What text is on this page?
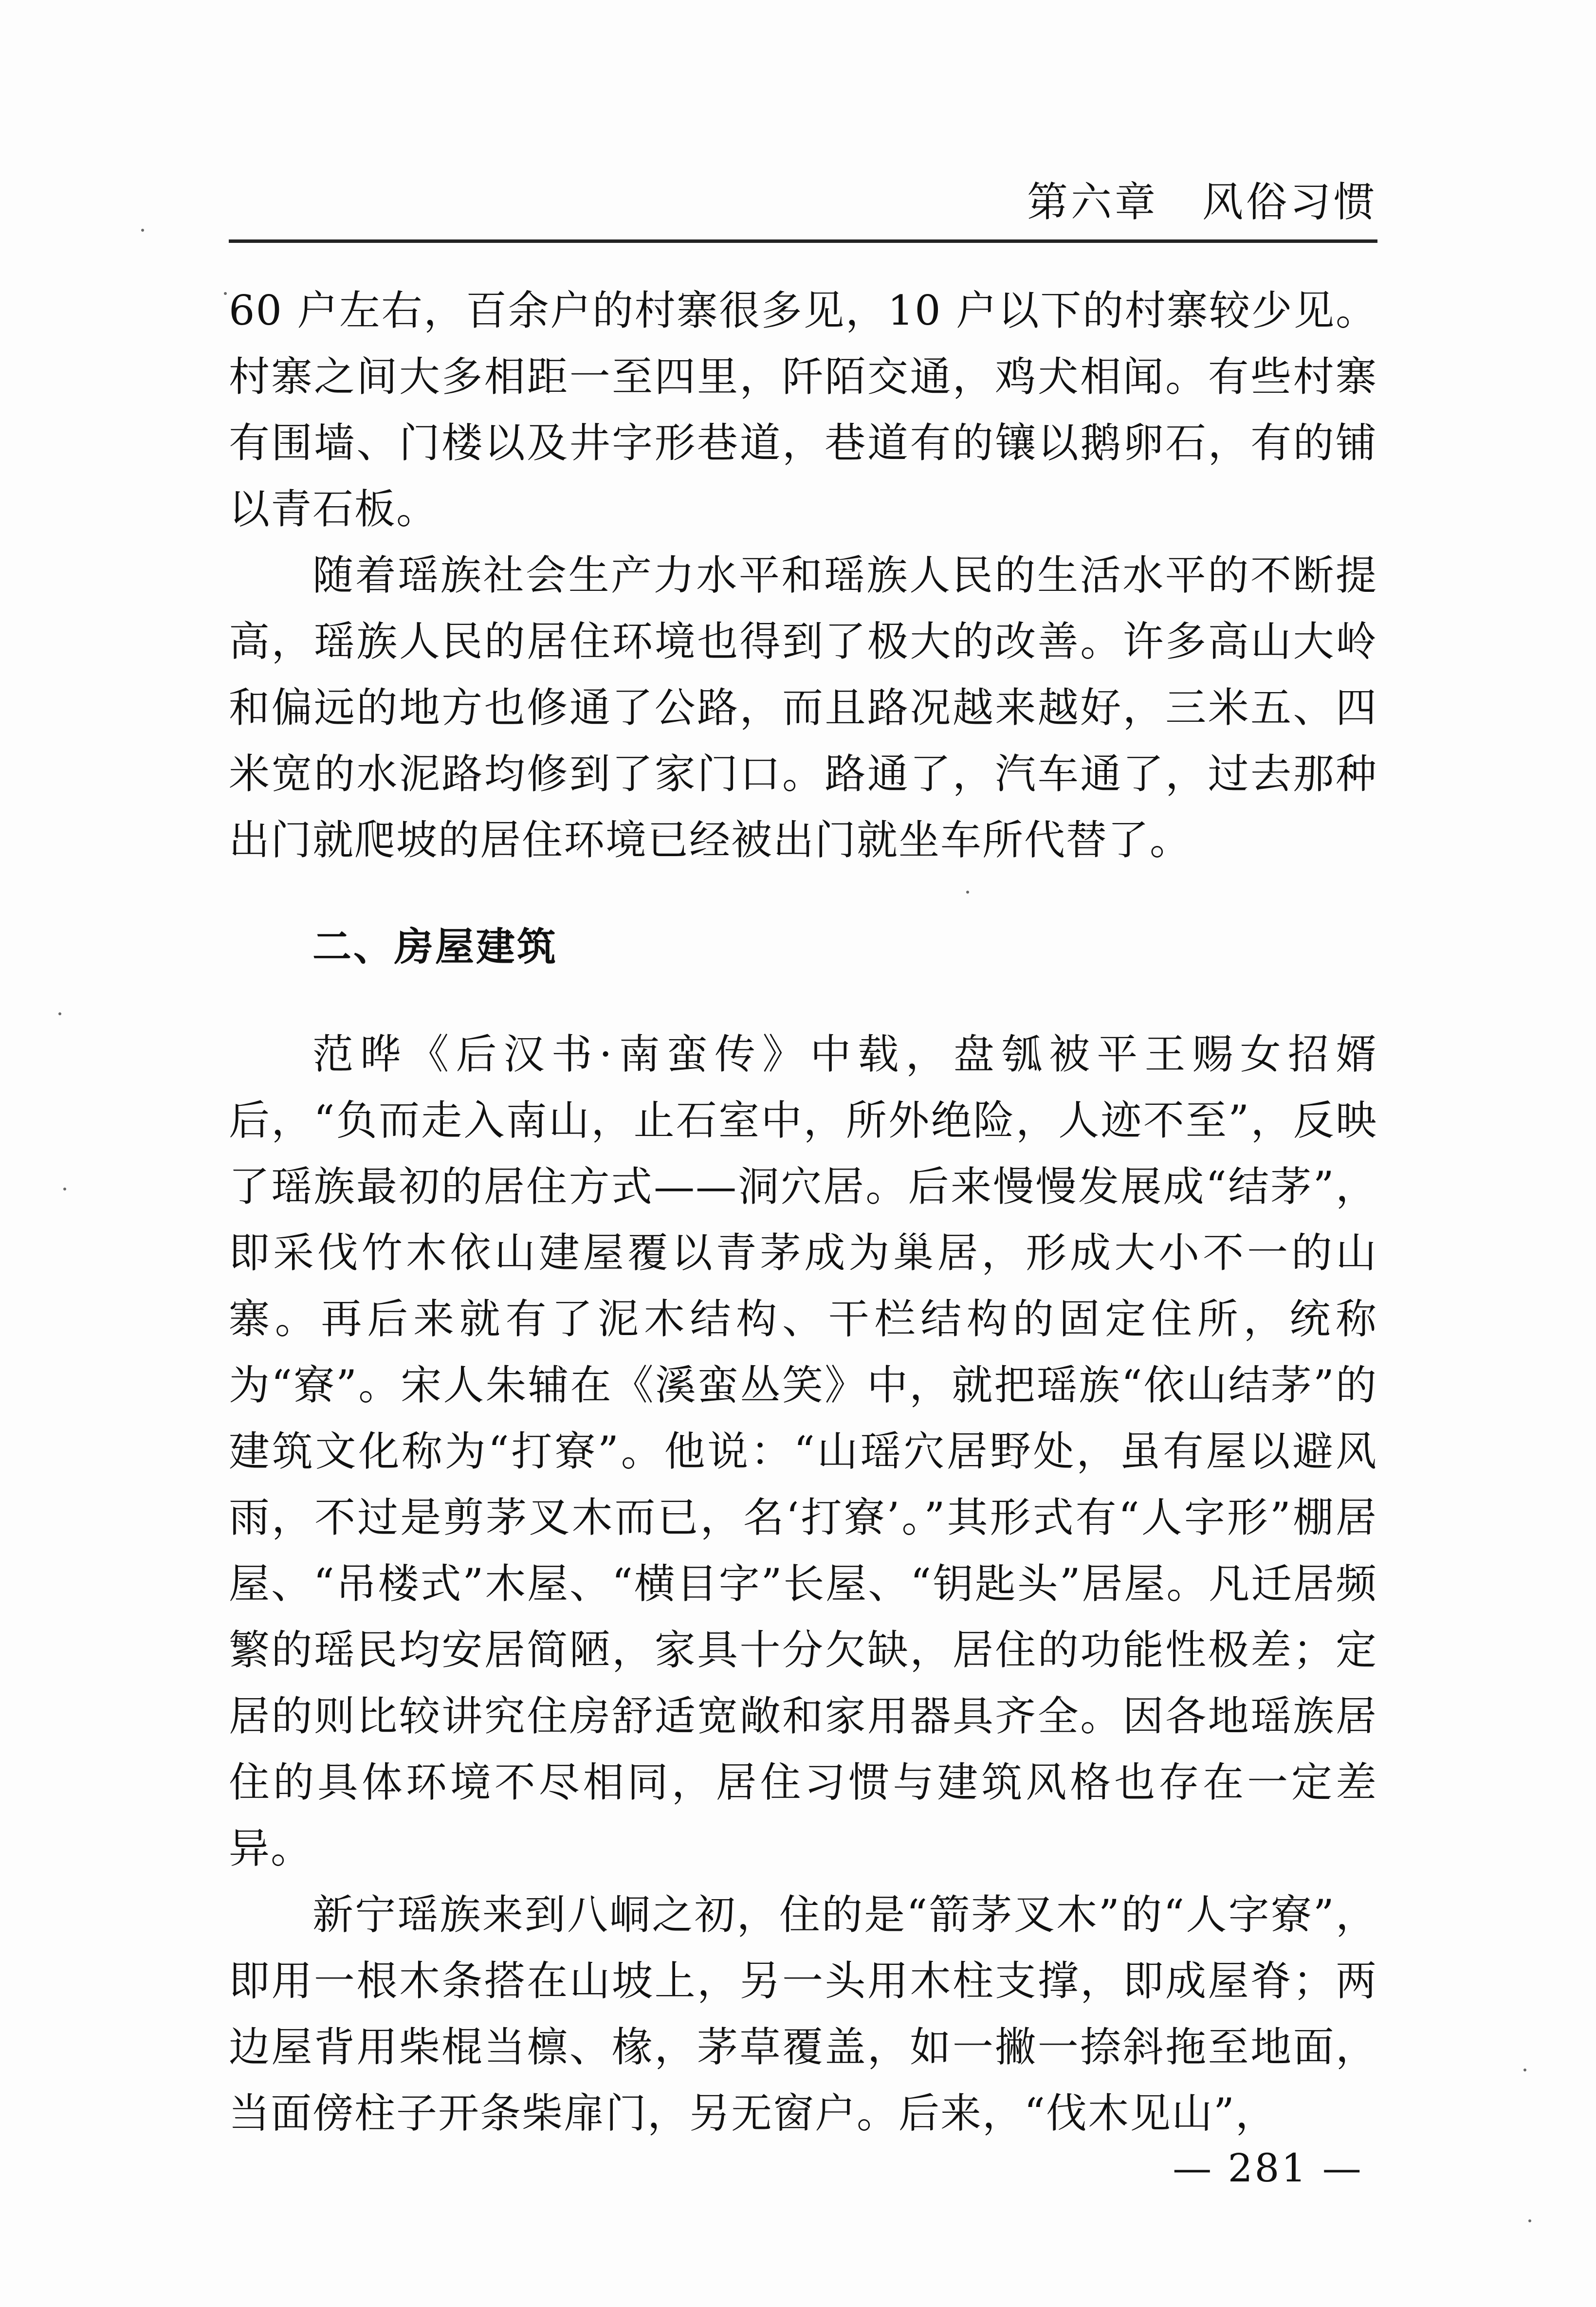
第六章　风俗习惯

60 户左右，百余户的村寨很多见，10 户以下的村寨较少见。村寨之间大多相距一至四里，阡陌交通，鸡犬相闻。有些村寨有围墙、门楼以及井字形巷道，巷道有的镶以鹅卵石，有的铺以青石板。

随着瑶族社会生产力水平和瑶族人民的生活水平的不断提高，瑶族人民的居住环境也得到了极大的改善。许多高山大岭和偏远的地方也修通了公路，而且路况越来越好，三米五、四米宽的水泥路均修到了家门口。路通了，汽车通了，过去那种出门就爬坡的居住环境已经被出门就坐车所代替了。

二、房屋建筑

范晔《后汉书·南蛮传》中载，盘瓠被平王赐女招婿后，“负而走入南山，止石室中，所外绝险，人迹不至”，反映了瑶族最初的居住方式——洞穴居。后来慢慢发展成“结茅”，即采伐竹木依山建屋覆以青茅成为巢居，形成大小不一的山寨。再后来就有了泥木结构、干栏结构的固定住所，统称为“寮”。宋人朱辅在《溪蛮丛笑》中，就把瑶族“依山结茅”的建筑文化称为“打寮”。他说：“山瑶穴居野处，虽有屋以避风雨，不过是剪茅叉木而已，名‘打寮’。”其形式有“人字形”棚居屋、“吊楼式”木屋、“横目字”长屋、“钥匙头”居屋。凡迁居频繁的瑶民均安居简陋，家具十分欠缺，居住的功能性极差；定居的则比较讲究住房舒适宽敞和家用器具齐全。因各地瑶族居住的具体环境不尽相同，居住习惯与建筑风格也存在一定差异。

新宁瑶族来到八峒之初，住的是“箭茅叉木”的“人字寮”，即用一根木条搭在山坡上，另一头用木柱支撑，即成屋脊；两边屋背用柴棍当檩、椽，茅草覆盖，如一撇一捺斜拖至地面，当面傍柱子开条柴扉门，另无窗户。后来，“伐木见山”，

— 281 —
